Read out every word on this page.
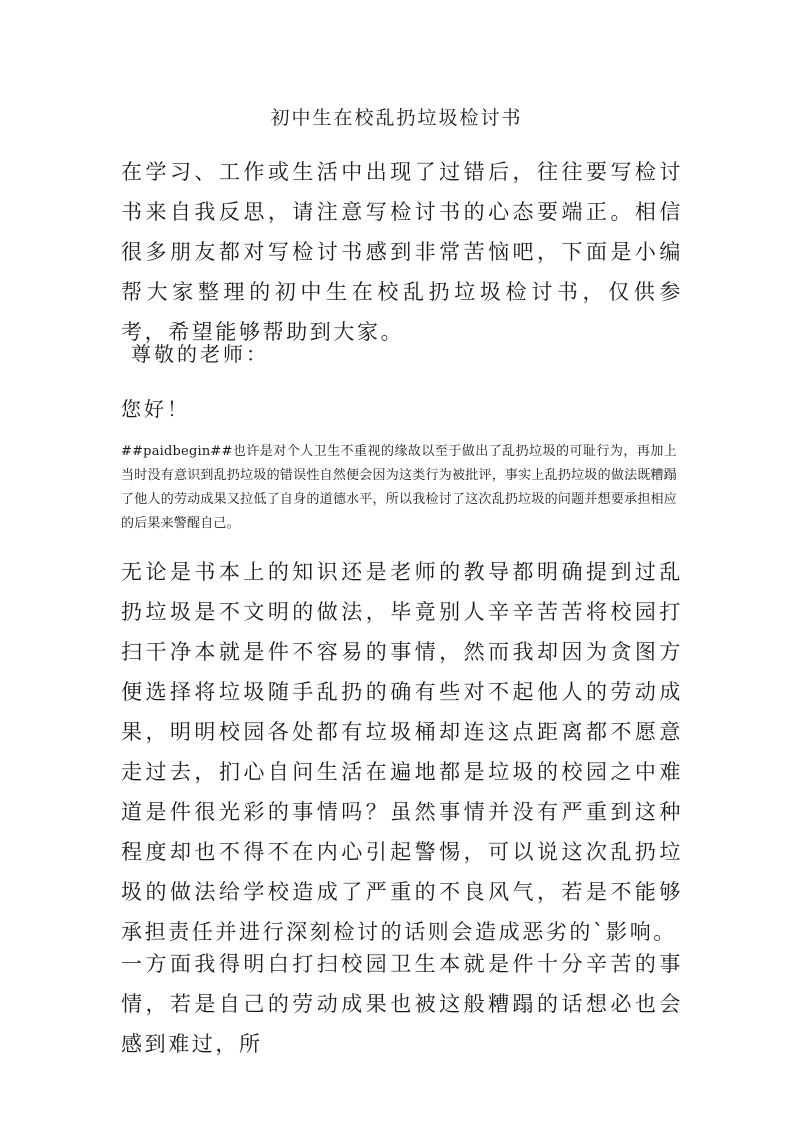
初中生在校乱扔垃圾检讨书

在学习、工作或生活中出现了过错后，往往要写检讨书来自我反思，请注意写检讨书的心态要端正。相信很多朋友都对写检讨书感到非常苦恼吧，下面是小编帮大家整理的初中生在校乱扔垃圾检讨书，仅供参考，希望能够帮助到大家。

尊敬的老师：

您好！

##paidbegin##也许是对个人卫生不重视的缘故以至于做出了乱扔垃圾的可耻行为，再加上当时没有意识到乱扔垃圾的错误性自然便会因为这类行为被批评，事实上乱扔垃圾的做法既糟蹋了他人的劳动成果又拉低了自身的道德水平，所以我检讨了这次乱扔垃圾的问题并想要承担相应的后果来警醒自己。

无论是书本上的知识还是老师的教导都明确提到过乱扔垃圾是不文明的做法，毕竟别人辛辛苦苦将校园打扫干净本就是件不容易的事情，然而我却因为贪图方便选择将垃圾随手乱扔的确有些对不起他人的劳动成果，明明校园各处都有垃圾桶却连这点距离都不愿意走过去，扪心自问生活在遍地都是垃圾的校园之中难道是件很光彩的事情吗？虽然事情并没有严重到这种程度却也不得不在内心引起警惕，可以说这次乱扔垃圾的做法给学校造成了严重的不良风气，若是不能够承担责任并进行深刻检讨的话则会造成恶劣的`影响。

一方面我得明白打扫校园卫生本就是件十分辛苦的事情，若是自己的劳动成果也被这般糟蹋的话想必也会感到难过，所
